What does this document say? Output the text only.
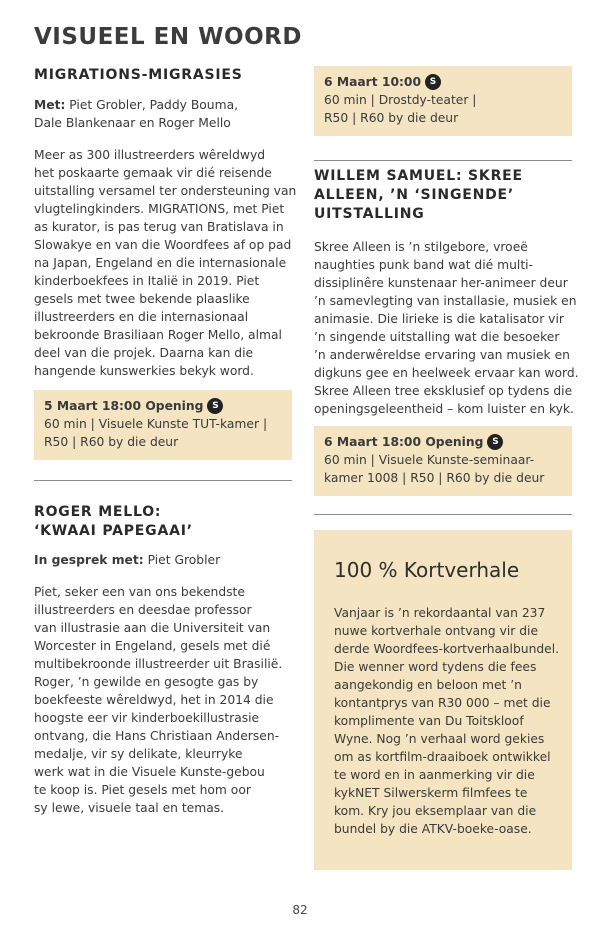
VISUEEL EN WOORD
MIGRATIONS-MIGRASIES

Met: Piet Grobler, Paddy Bouma,
Dale Blankenaar en Roger Mello

Meer as 300 illustreerders wêreldwyd
het poskaarte gemaak vir dié reisende
uitstalling versamel ter ondersteuning van
vlugtelingkinders. MIGRATIONS, met Piet
as kurator, is pas terug van Bratislava in
Slowakye en van die Woordfees af op pad
na Japan, Engeland en die internasionale
kinderboekfees in Italië in 2019. Piet
gesels met twee bekende plaaslike
illustreerders en die internasionaal
bekroonde Brasiliaan Roger Mello, almal
deel van die projek. Daarna kan die
hangende kunswerkies bekyk word.

5 Maart 18:00 Opening S
60 min | Visuele Kunste TUT-kamer |
R50 | R60 by die deur
ROGER MELLO:
‘KWAAI PAPEGAAI’

In gesprek met: Piet Grobler

Piet, seker een van ons bekendste
illustreerders en deesdae professor
van illustrasie aan die Universiteit van
Worcester in Engeland, gesels met dié
multibekroonde illustreerder uit Brasilië.
Roger, ’n gewilde en gesogte gas by
boekfeeste wêreldwyd, het in 2014 die
hoogste eer vir kinderboekillustrasie
ontvang, die Hans Christiaan Andersen-
medalje, vir sy delikate, kleurryke
werk wat in die Visuele Kunste-gebou
te koop is. Piet gesels met hom oor
sy lewe, visuele taal en temas.

6 Maart 10:00 S
60 min | Drostdy-teater |
R50 | R60 by die deur
WILLEM SAMUEL: SKREE
ALLEEN, ’N ‘SINGENDE’
UITSTALLING

Skree Alleen is ’n stilgebore, vroeë
naughties punk band wat dié multi-
dissiplinêre kunstenaar her-animeer deur
’n samevlegting van installasie, musiek en
animasie. Die lirieke is die katalisator vir
’n singende uitstalling wat die besoeker
’n anderwêreldse ervaring van musiek en
digkuns gee en heelweek ervaar kan word.
Skree Alleen tree eksklusief op tydens die
openingsgeleentheid – kom luister en kyk.

6 Maart 18:00 Opening S
60 min | Visuele Kunste-seminaar-
kamer 1008 | R50 | R60 by die deur
100 % Kortverhale

Vanjaar is ’n rekordaantal van 237
nuwe kortverhale ontvang vir die
derde Woordfees-kortverhaalbundel.
Die wenner word tydens die fees
aangekondig en beloon met ’n
kontantprys van R30 000 – met die
komplimente van Du Toitskloof
Wyne. Nog ’n verhaal word gekies
om as kortfilm-draaiboek ontwikkel
te word en in aanmerking vir die
kykNET Silwerskerm filmfees te
kom. Kry jou eksemplaar van die
bundel by die ATKV-boeke-oase.

82
